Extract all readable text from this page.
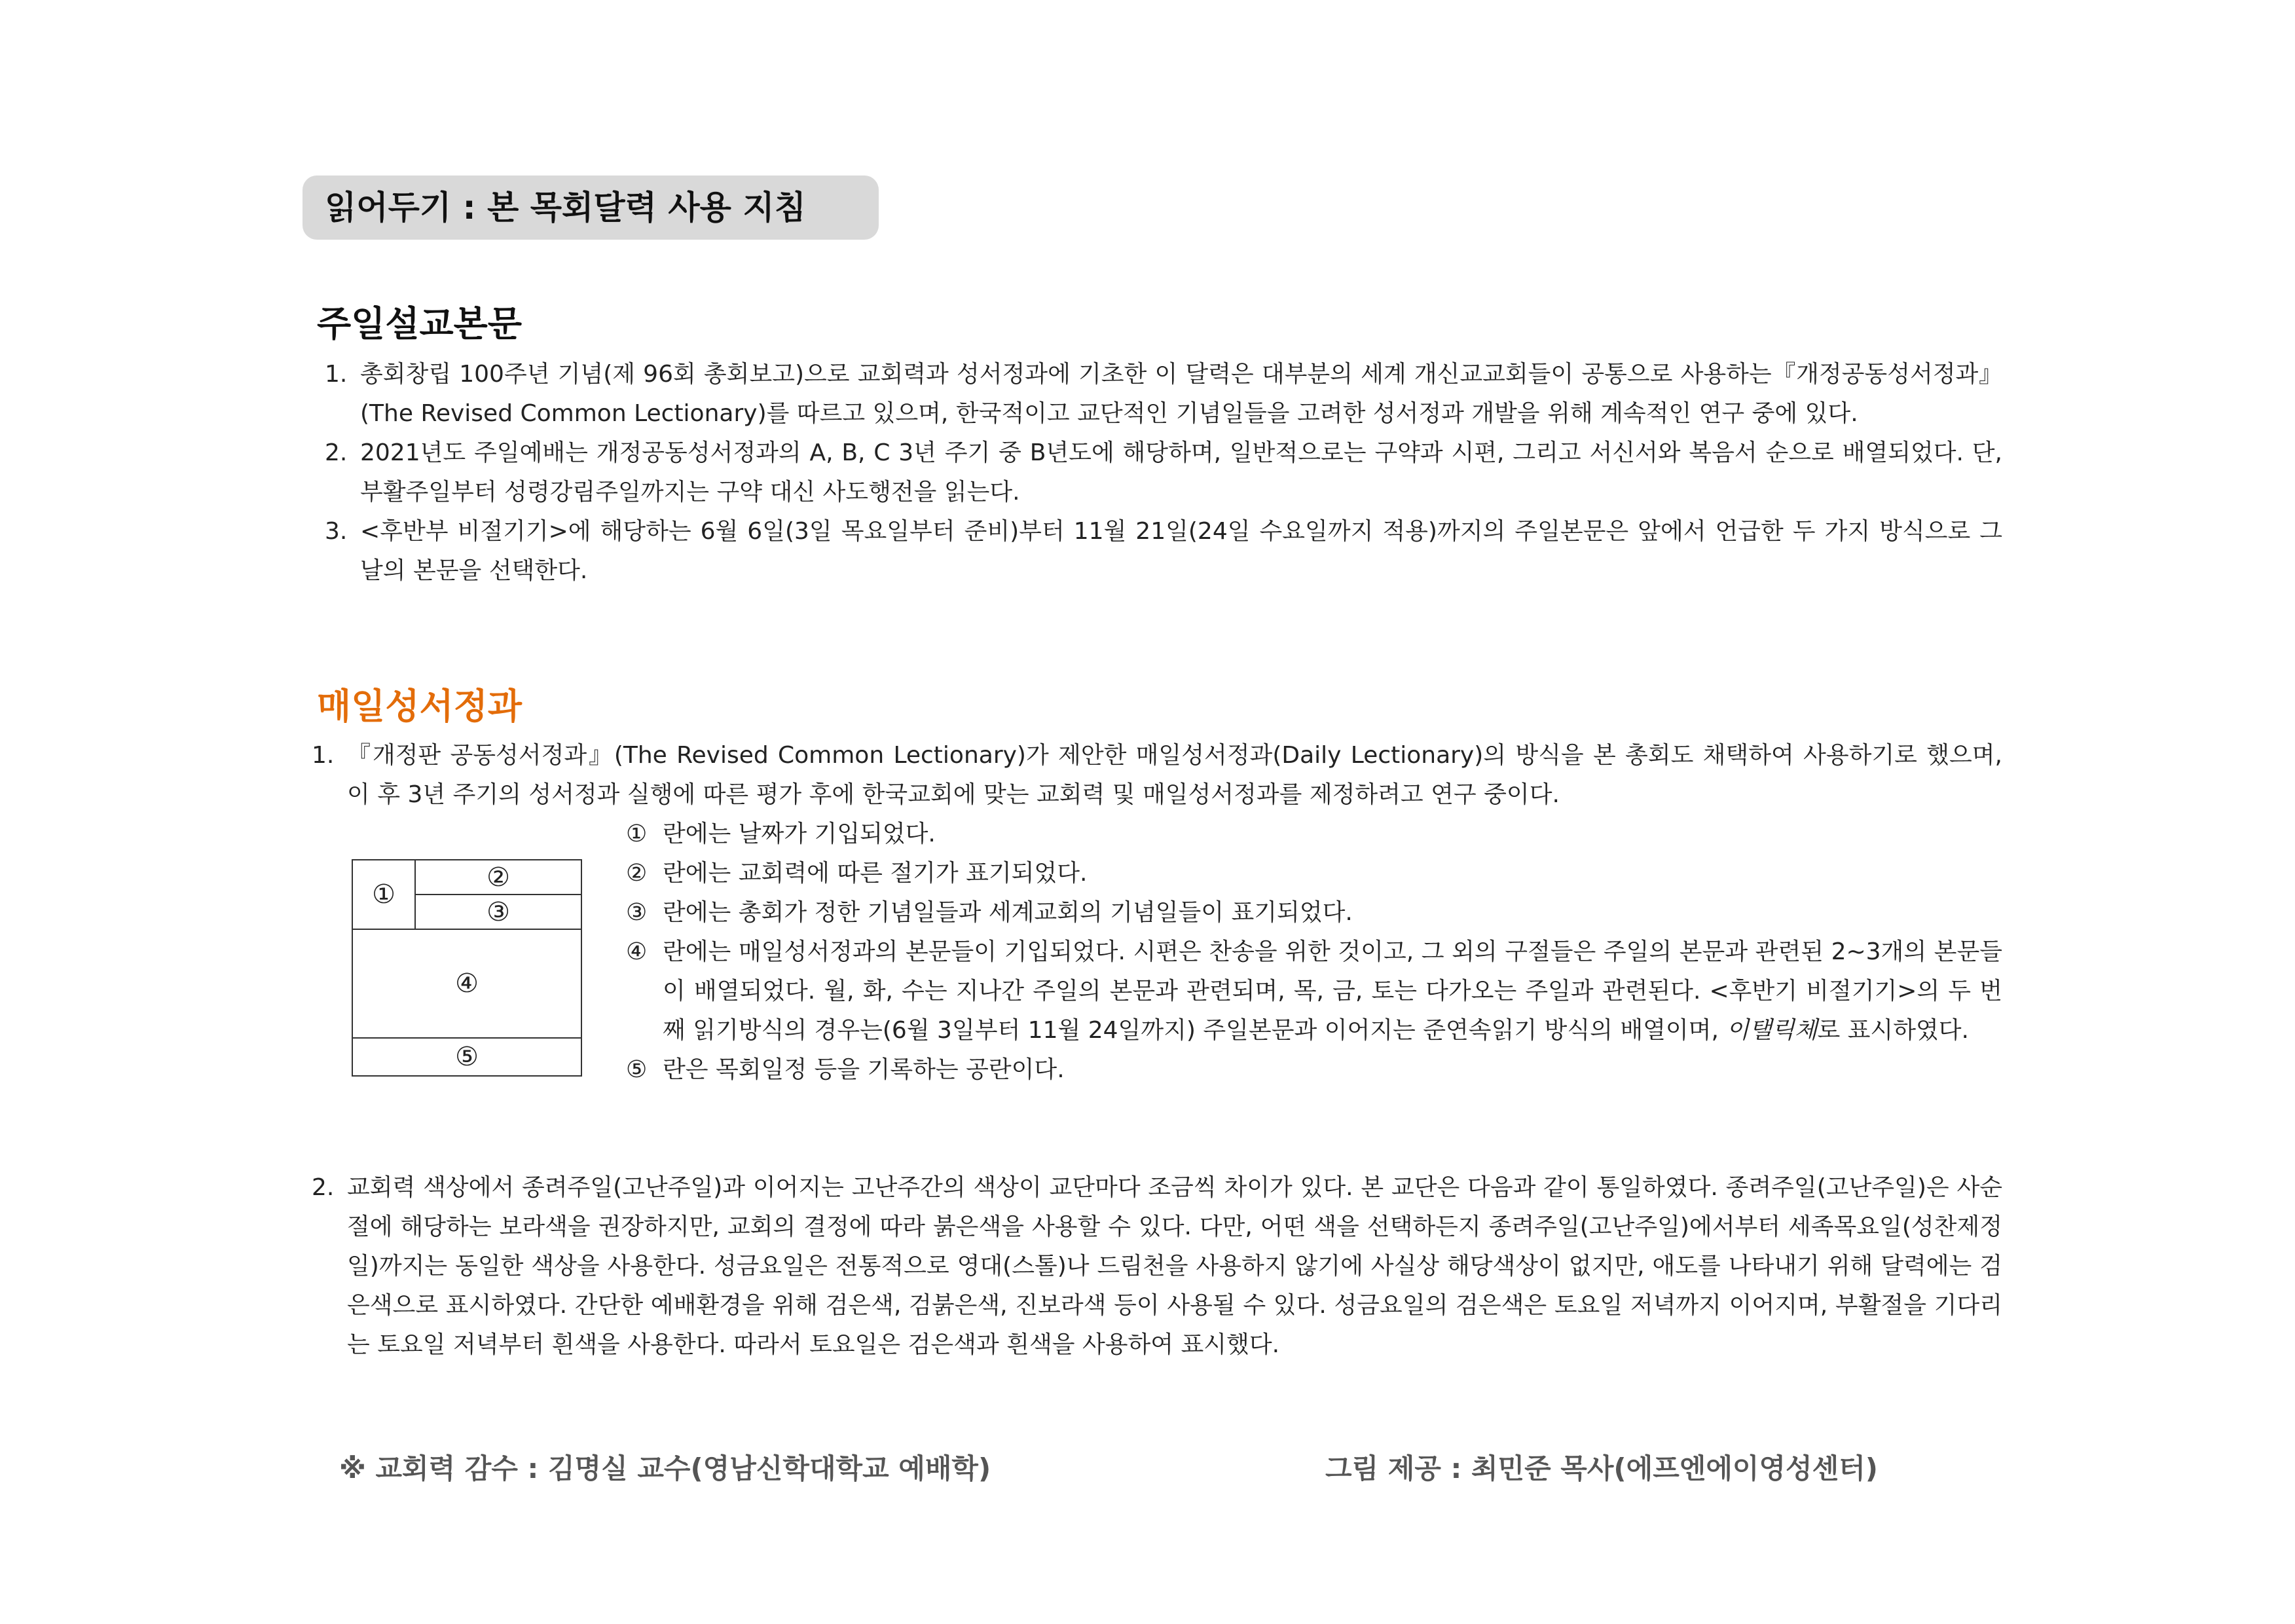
읽어두기 : 본 목회달력 사용 지침
주일설교본문
1. 총회창립 100주년 기념(제 96회 총회보고)으로 교회력과 성서정과에 기초한 이 달력은 대부분의 세계 개신교교회들이 공통으로 사용하는『개정공동성서정과』(The Revised Common Lectionary)를 따르고 있으며, 한국적이고 교단적인 기념일들을 고려한 성서정과 개발을 위해 계속적인 연구 중에 있다.
2. 2021년도 주일예배는 개정공동성서정과의 A, B, C 3년 주기 중 B년도에 해당하며, 일반적으로는 구약과 시편, 그리고 서신서와 복음서 순으로 배열되었다. 단, 부활주일부터 성령강림주일까지는 구약 대신 사도행전을 읽는다.
3. <후반부 비절기기>에 해당하는 6월 6일(3일 목요일부터 준비)부터 11월 21일(24일 수요일까지 적용)까지의 주일본문은 앞에서 언급한 두 가지 방식으로 그 날의 본문을 선택한다.
매일성서정과
1. 『개정판 공동성서정과』(The Revised Common Lectionary)가 제안한 매일성서정과(Daily Lectionary)의 방식을 본 총회도 채택하여 사용하기로 했으며, 이 후 3년 주기의 성서정과 실행에 따른 평가 후에 한국교회에 맞는 교회력 및 매일성서정과를 제정하려고 연구 중이다.
①
②
③
④
⑤
① 란에는 날짜가 기입되었다.
② 란에는 교회력에 따른 절기가 표기되었다.
③ 란에는 총회가 정한 기념일들과 세계교회의 기념일들이 표기되었다.
④ 란에는 매일성서정과의 본문들이 기입되었다. 시편은 찬송을 위한 것이고, 그 외의 구절들은 주일의 본문과 관련된 2~3개의 본문들이 배열되었다. 월, 화, 수는 지나간 주일의 본문과 관련되며, 목, 금, 토는 다가오는 주일과 관련된다. <후반기 비절기기>의 두 번째 읽기방식의 경우는(6월 3일부터 11월 24일까지) 주일본문과 이어지는 준연속읽기 방식의 배열이며, 이탤릭체로 표시하였다.
⑤ 란은 목회일정 등을 기록하는 공란이다.
2. 교회력 색상에서 종려주일(고난주일)과 이어지는 고난주간의 색상이 교단마다 조금씩 차이가 있다. 본 교단은 다음과 같이 통일하였다. 종려주일(고난주일)은 사순절에 해당하는 보라색을 권장하지만, 교회의 결정에 따라 붉은색을 사용할 수 있다. 다만, 어떤 색을 선택하든지 종려주일(고난주일)에서부터 세족목요일(성찬제정일)까지는 동일한 색상을 사용한다. 성금요일은 전통적으로 영대(스톨)나 드림천을 사용하지 않기에 사실상 해당색상이 없지만, 애도를 나타내기 위해 달력에는 검은색으로 표시하였다. 간단한 예배환경을 위해 검은색, 검붉은색, 진보라색 등이 사용될 수 있다. 성금요일의 검은색은 토요일 저녁까지 이어지며, 부활절을 기다리는 토요일 저녁부터 흰색을 사용한다. 따라서 토요일은 검은색과 흰색을 사용하여 표시했다.
※ 교회력 감수 : 김명실 교수(영남신학대학교 예배학)	그림 제공 : 최민준 목사(에프엔에이영성센터)
